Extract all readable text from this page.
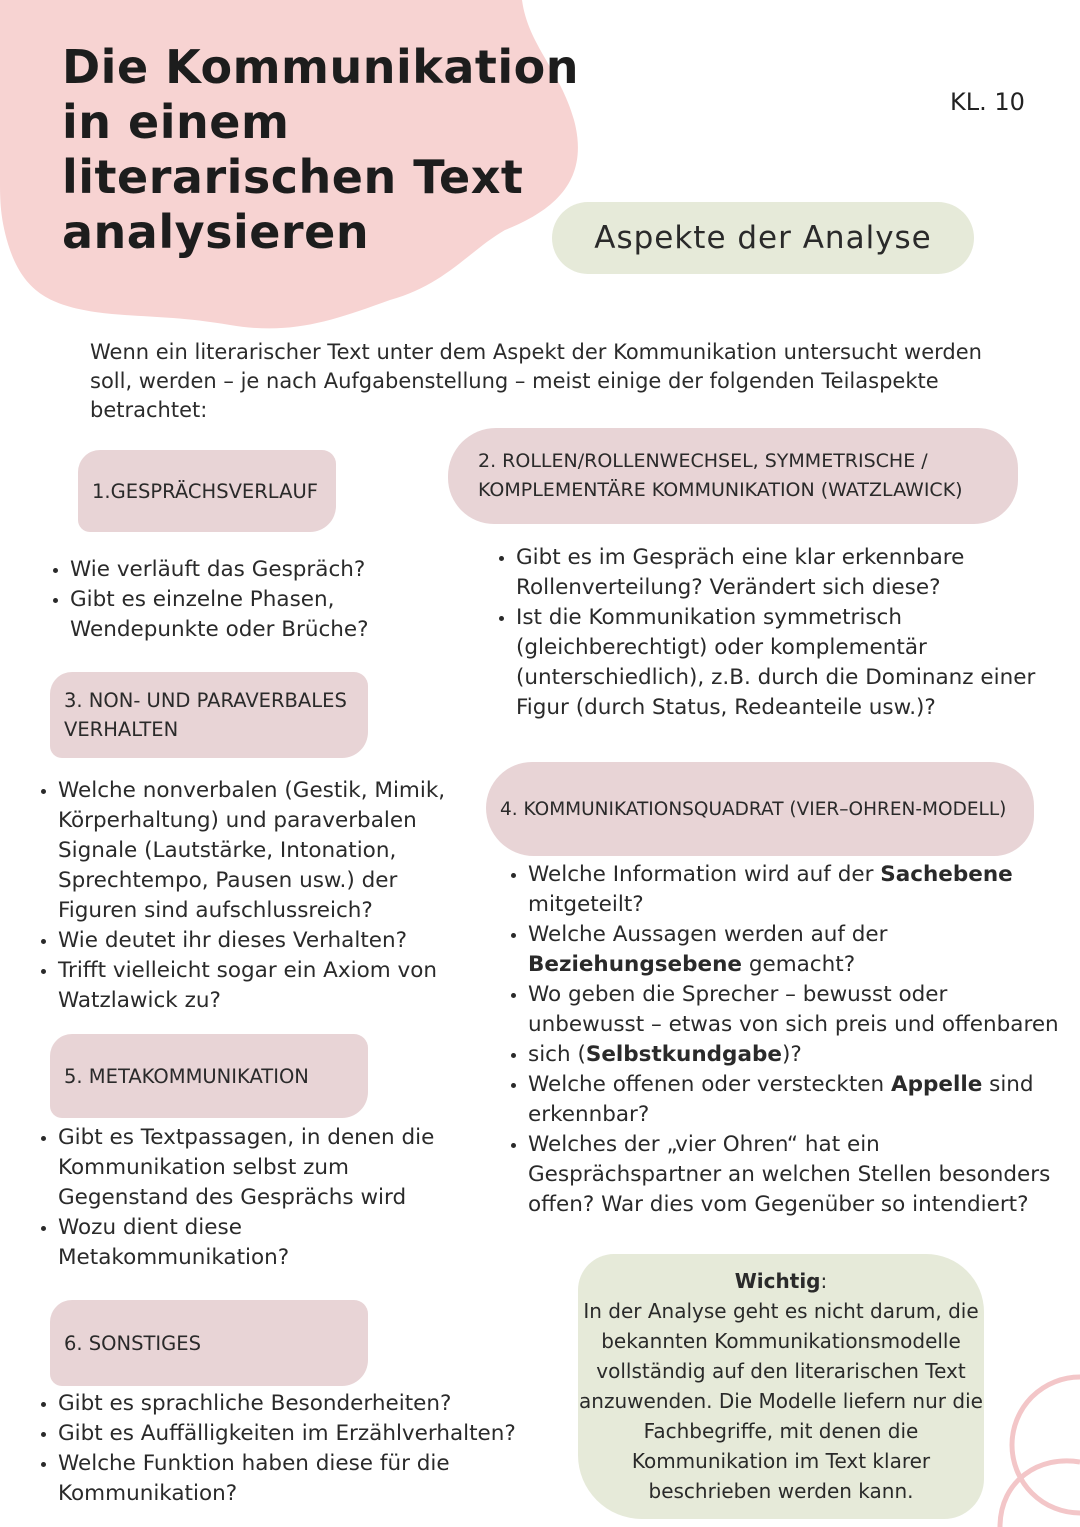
Die Kommunikation
in einem
literarischen Text
analysieren
KL. 10
Aspekte der Analyse

Wenn ein literarischer Text unter dem Aspekt der Kommunikation untersucht werden
soll, werden – je nach Aufgabenstellung – meist einige der folgenden Teilaspekte
betrachtet:

1.GESPRÄCHSVERLAUF
• Wie verläuft das Gespräch?
• Gibt es einzelne Phasen, Wendepunkte oder Brüche?
2. ROLLEN/ROLLENWECHSEL, SYMMETRISCHE /
KOMPLEMENTÄRE KOMMUNIKATION (WATZLAWICK)
• Gibt es im Gespräch eine klar erkennbare Rollenverteilung? Verändert sich diese?
• Ist die Kommunikation symmetrisch (gleichberechtigt) oder komplementär (unterschiedlich), z.B. durch die Dominanz einer Figur (durch Status, Redeanteile usw.)?
3. NON- UND PARAVERBALES
VERHALTEN
• Welche nonverbalen (Gestik, Mimik, Körperhaltung) und paraverbalen Signale (Lautstärke, Intonation, Sprechtempo, Pausen usw.) der Figuren sind aufschlussreich?
• Wie deutet ihr dieses Verhalten?
• Trifft vielleicht sogar ein Axiom von Watzlawick zu?
4. KOMMUNIKATIONSQUADRAT (VIER–OHREN-MODELL)
• Welche Information wird auf der Sachebene mitgeteilt?
• Welche Aussagen werden auf der Beziehungsebene gemacht?
• Wo geben die Sprecher – bewusst oder unbewusst – etwas von sich preis und offenbaren
• sich (Selbstkundgabe)?
• Welche offenen oder versteckten Appelle sind erkennbar?
• Welches der „vier Ohren“ hat ein Gesprächspartner an welchen Stellen besonders offen? War dies vom Gegenüber so intendiert?
5. METAKOMMUNIKATION
• Gibt es Textpassagen, in denen die Kommunikation selbst zum Gegenstand des Gesprächs wird
• Wozu dient diese Metakommunikation?
6. SONSTIGES
• Gibt es sprachliche Besonderheiten?
• Gibt es Auffälligkeiten im Erzählverhalten?
• Welche Funktion haben diese für die Kommunikation?
Wichtig:

In der Analyse geht es nicht darum, die bekannten Kommunikationsmodelle vollständig auf den literarischen Text anzuwenden. Die Modelle liefern nur die Fachbegriffe, mit denen die Kommunikation im Text klarer beschrieben werden kann.
